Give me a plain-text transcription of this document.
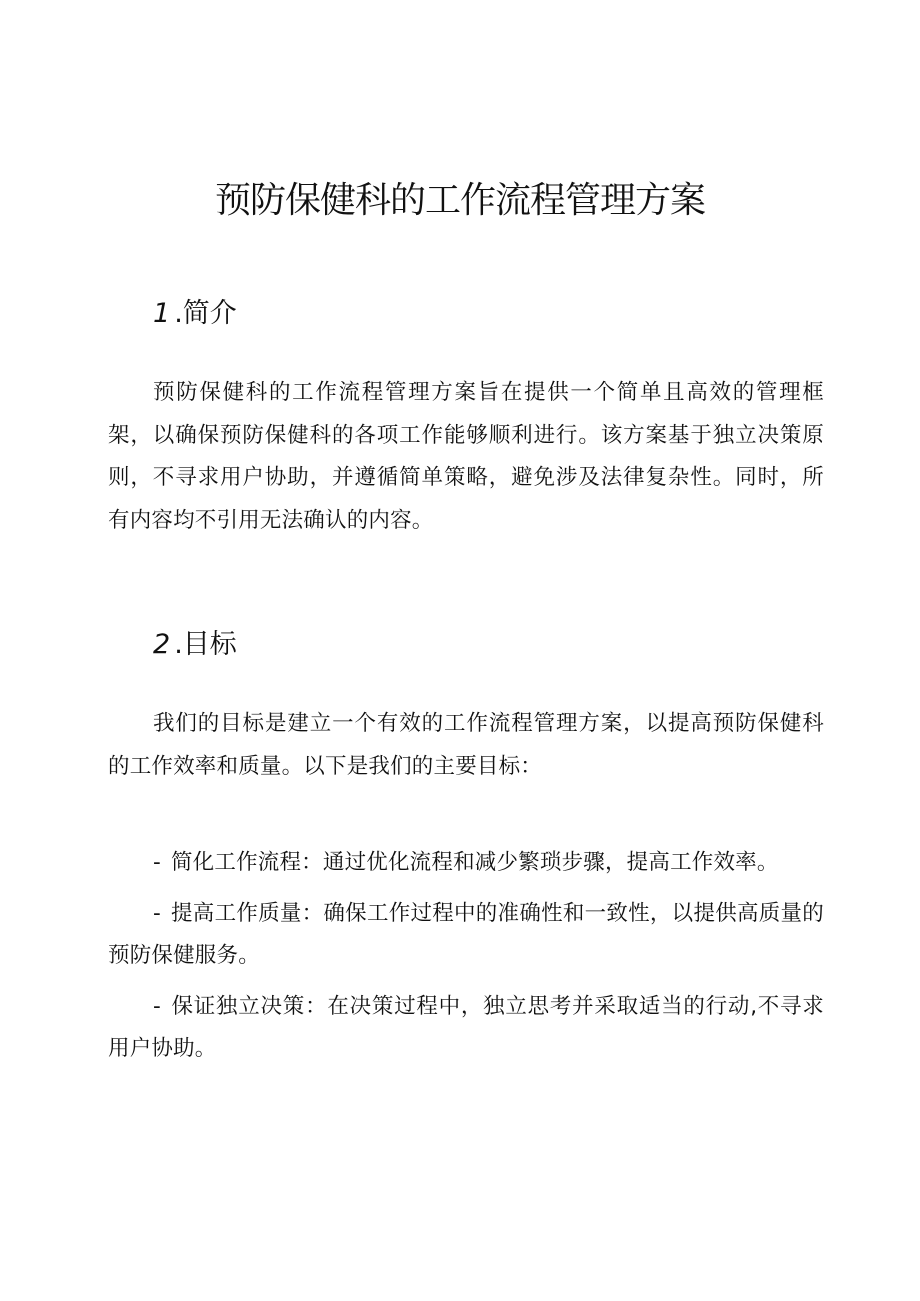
预防保健科的工作流程管理方案
1 .简介

预防保健科的工作流程管理方案旨在提供一个简单且高效的管理框架，以确保预防保健科的各项工作能够顺利进行。该方案基于独立决策原则，不寻求用户协助，并遵循简单策略，避免涉及法律复杂性。同时，所有内容均不引用无法确认的内容。

2 .目标

我们的目标是建立一个有效的工作流程管理方案，以提高预防保健科的工作效率和质量。以下是我们的主要目标：

- 简化工作流程：通过优化流程和减少繁琐步骤，提高工作效率。
- 提高工作质量：确保工作过程中的准确性和一致性，以提供高质量的预防保健服务。
- 保证独立决策：在决策过程中，独立思考并采取适当的行动,不寻求用户协助。
